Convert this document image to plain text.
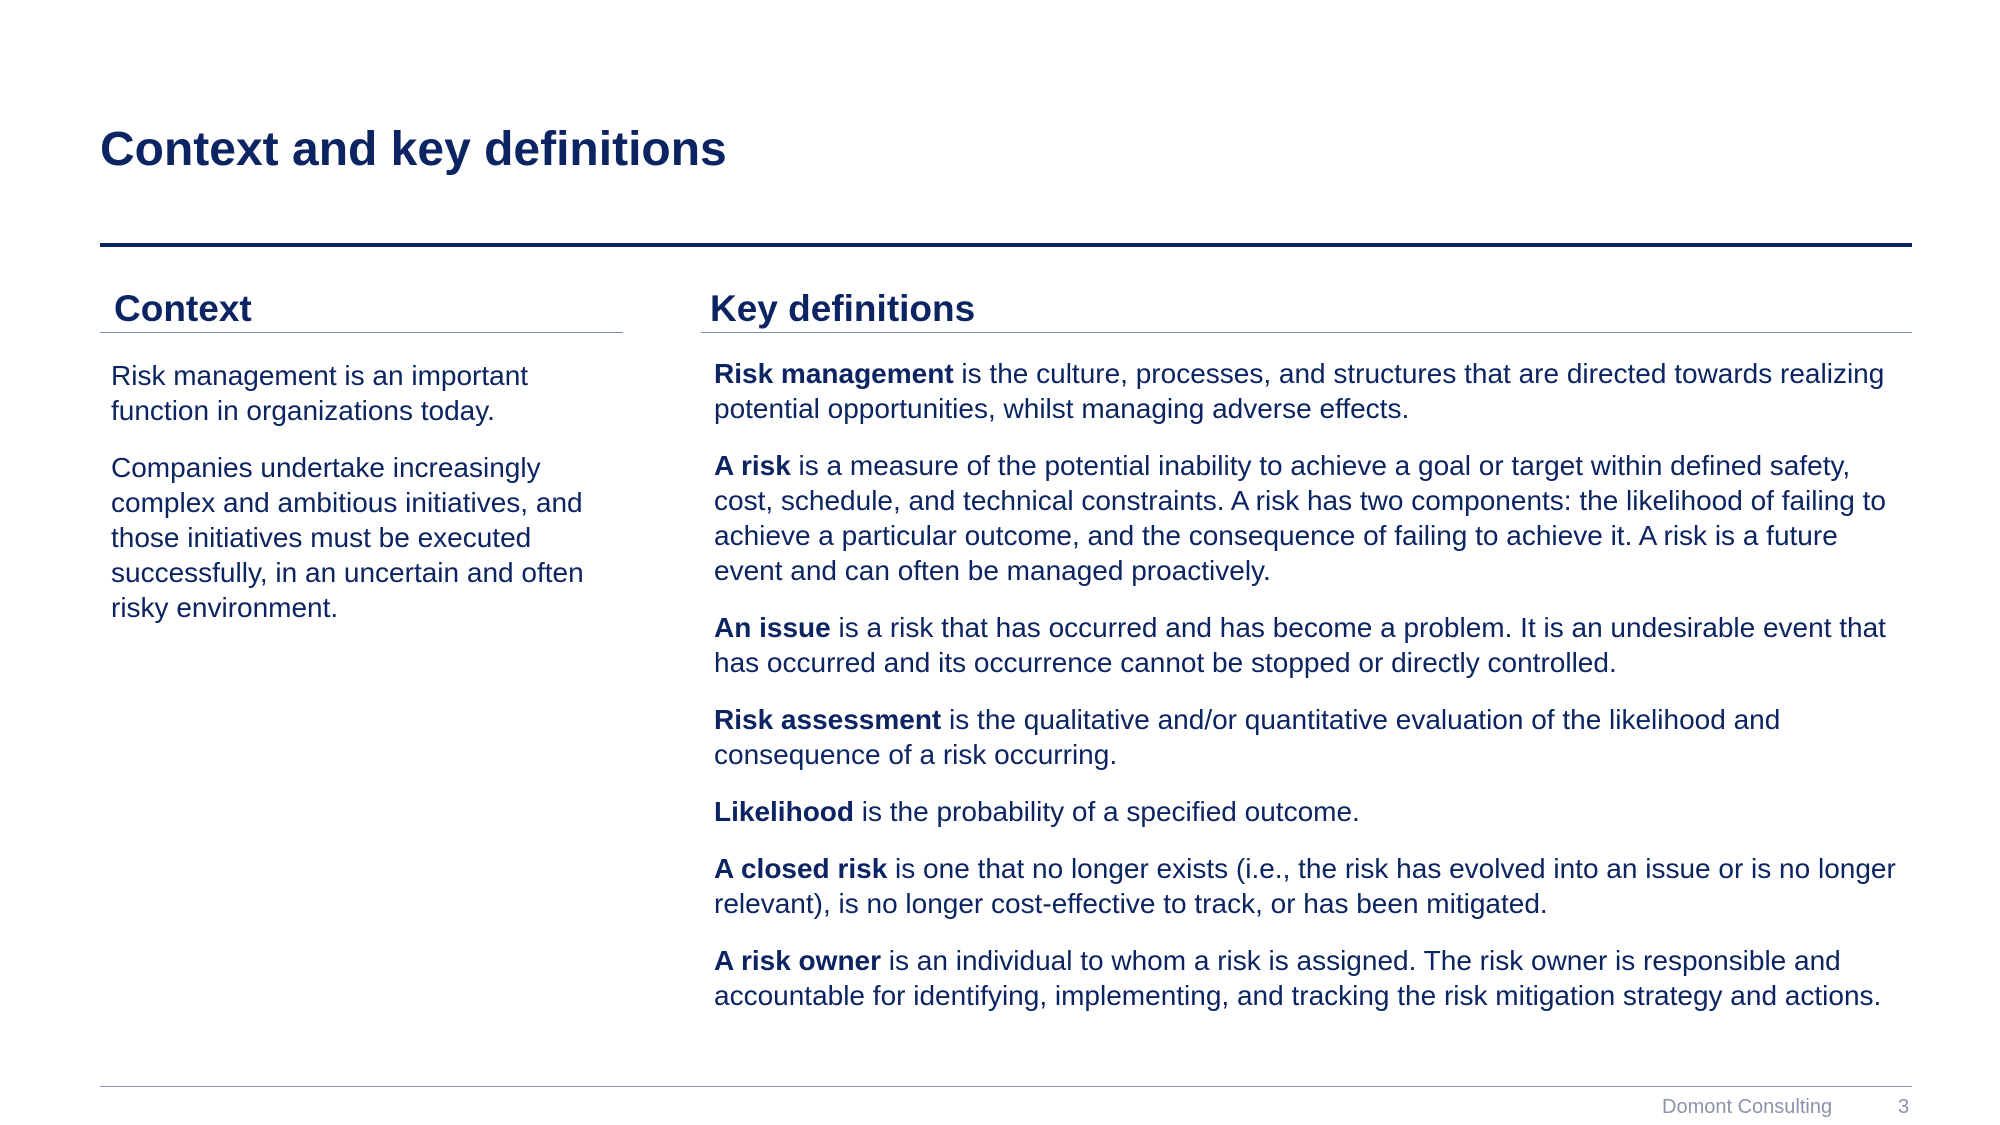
Context and key definitions
Context

Risk management is an important function in organizations today.

Companies undertake increasingly complex and ambitious initiatives, and those initiatives must be executed successfully, in an uncertain and often risky environment.

Key definitions

Risk management is the culture, processes, and structures that are directed towards realizing potential opportunities, whilst managing adverse effects.

A risk is a measure of the potential inability to achieve a goal or target within defined safety, cost, schedule, and technical constraints. A risk has two components: the likelihood of failing to achieve a particular outcome, and the consequence of failing to achieve it. A risk is a future event and can often be managed proactively.

An issue is a risk that has occurred and has become a problem. It is an undesirable event that has occurred and its occurrence cannot be stopped or directly controlled.

Risk assessment is the qualitative and/or quantitative evaluation of the likelihood and consequence of a risk occurring.

Likelihood is the probability of a specified outcome.

A closed risk is one that no longer exists (i.e., the risk has evolved into an issue or is no longer relevant), is no longer cost-effective to track, or has been mitigated.

A risk owner is an individual to whom a risk is assigned. The risk owner is responsible and accountable for identifying, implementing, and tracking the risk mitigation strategy and actions.

Domont Consulting	3
